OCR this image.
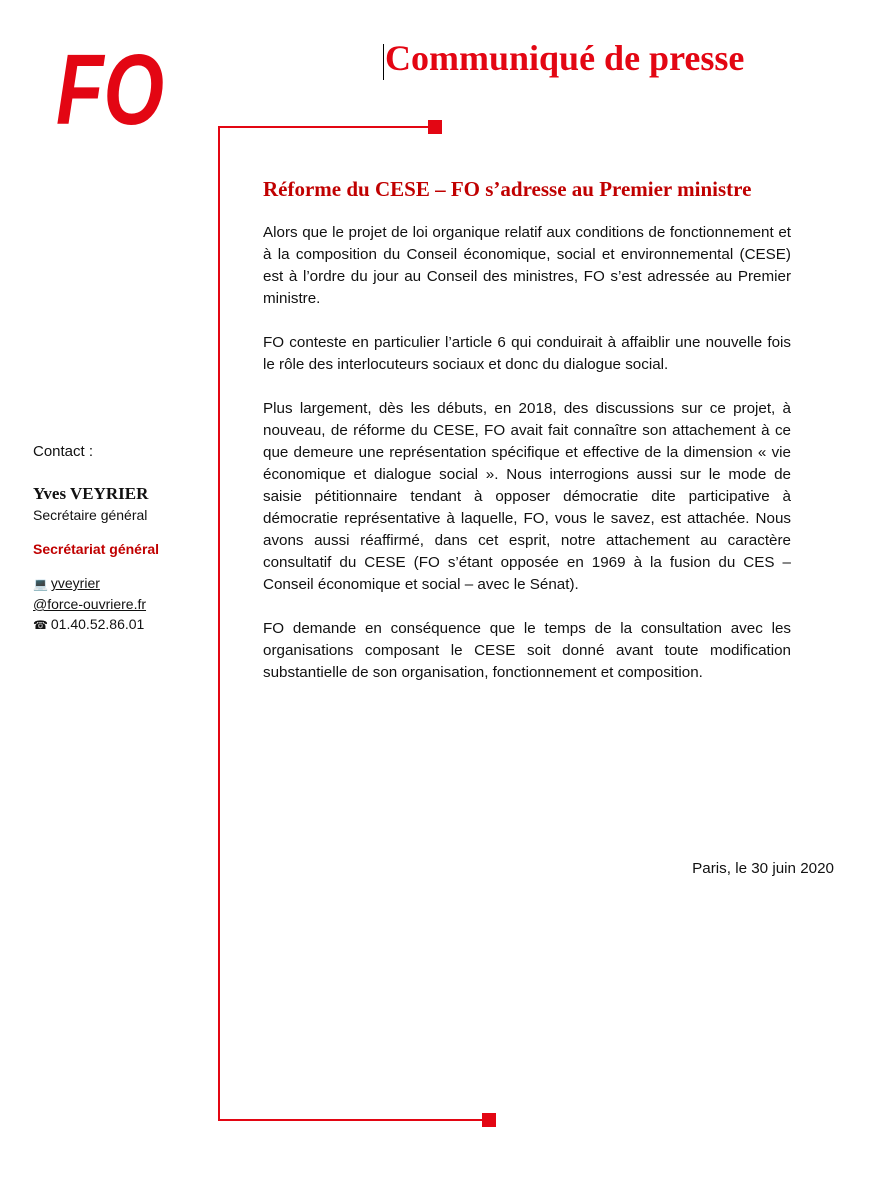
FO	Communiqué de presse
Réforme du CESE – FO s’adresse au Premier ministre

Alors que le projet de loi organique relatif aux conditions de fonctionnement et à la composition du Conseil économique, social et environnemental (CESE) est à l’ordre du jour au Conseil des ministres, FO s’est adressée au Premier ministre.

FO conteste en particulier l’article 6 qui conduirait à affaiblir une nouvelle fois le rôle des interlocuteurs sociaux et donc du dialogue social.

Plus largement, dès les débuts, en 2018, des discussions sur ce projet, à nouveau, de réforme du CESE, FO avait fait connaître son attachement à ce que demeure une représentation spécifique et effective de la dimension « vie économique et dialogue social ». Nous interrogions aussi sur le mode de saisie pétitionnaire tendant à opposer démocratie dite participative à démocratie représentative à laquelle, FO, vous le savez, est attachée. Nous avons aussi réaffirmé, dans cet esprit, notre attachement au caractère consultatif du CESE (FO s’étant opposée en 1969 à la fusion du CES – Conseil économique et social – avec le Sénat).

FO demande en conséquence que le temps de la consultation avec les organisations composant le CESE soit donné avant toute modification substantielle de son organisation, fonctionnement et composition.

Paris, le 30 juin 2020
Contact :
Yves VEYRIER
Secrétaire général
Secrétariat général
💻 yveyrier
@force-ouvriere.fr
☎ 01.40.52.86.01
